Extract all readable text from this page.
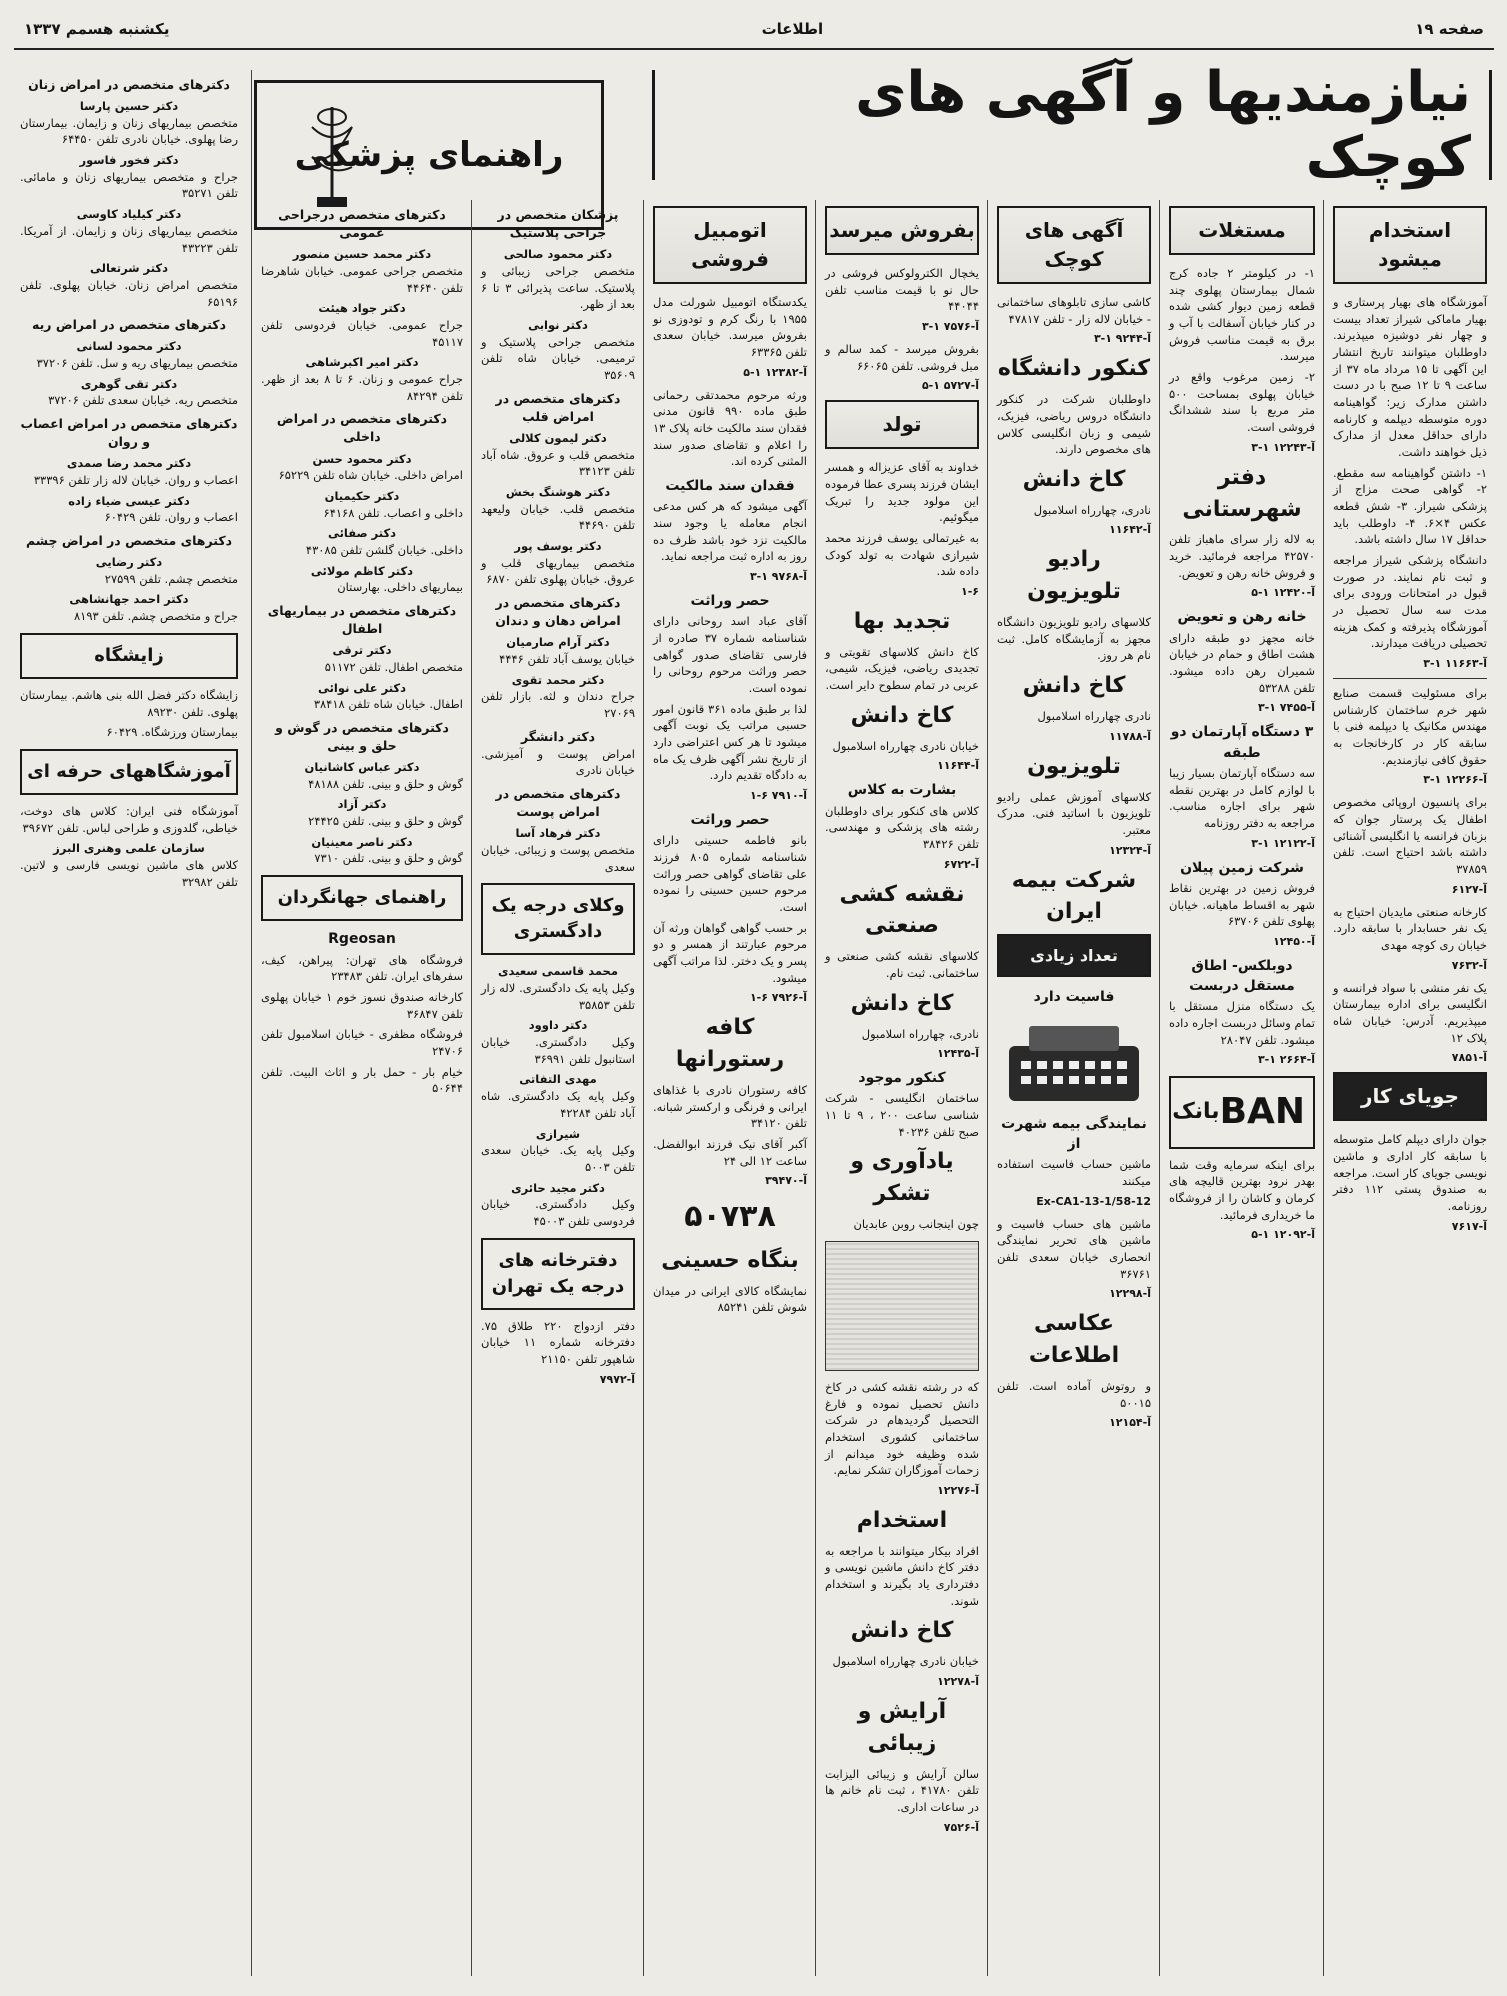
صفحه ۱۹
اطلاعات
یکشنبه هسمم ۱۳۳۷
نیازمندیها و آگهی های کوچک
راهنمای پزشکی
استخدام میشود
آموزشگاه های بهیار پرستاری و بهیار ماماکی شیراز تعداد بیست و چهار نفر دوشیزه میپذیرند. داوطلبان میتوانند تاریخ انتشار این آگهی تا ۱۵ مرداد ماه ۳۷ از ساعت ۹ تا ۱۲ صبح با در دست داشتن مدارک زیر: گواهینامه دوره متوسطه دیپلمه و کارنامه دارای حداقل معدل از مدارک ذیل خواهند داشت.
۱- داشتن گواهینامه سه مقطع. ۲- گواهی صحت مزاج از پزشکی شیراز. ۳- شش قطعه عکس ۴×۶. ۴- داوطلب باید حداقل ۱۷ سال داشته باشد.
دانشگاه پزشکی شیراز مراجعه و ثبت نام نمایند. در صورت قبول در امتحانات ورودی برای مدت سه سال تحصیل در آموزشگاه پذیرفته و کمک هزینه تحصیلی دریافت میدارند.
۳-۱ آ-۱۱۶۶۳
برای مسئولیت قسمت صنایع شهر خرم ساختمان کارشناس مهندس مکانیک یا دیپلمه فنی با سابقه کار در کارخانجات به حقوق کافی نیازمندیم.
۳-۱ آ-۱۲۲۶۶
برای پانسیون اروپائی مخصوص اطفال یک پرستار جوان که بزبان فرانسه یا انگلیسی آشنائی داشته باشد احتیاج است. تلفن ۳۷۸۵۹
آ-۶۱۲۷
کارخانه صنعتی مایدیان احتیاج به یک نفر حسابدار با سابقه دارد. خیابان ری کوچه مهدی
آ-۷۶۳۲
یک نفر منشی با سواد فرانسه و انگلیسی برای اداره بیمارستان میپذیریم. آدرس: خیابان شاه پلاک ۱۲
آ-۷۸۵۱
جویای کار
جوان دارای دیپلم کامل متوسطه با سابقه کار اداری و ماشین نویسی جویای کار است. مراجعه به صندوق پستی ۱۱۲ دفتر روزنامه.
آ-۷۶۱۷
مستغلات
۱- در کیلومتر ۲ جاده کرج شمال بیمارستان پهلوی چند قطعه زمین دیوار کشی شده در کنار خیابان آسفالت با آب و برق به قیمت مناسب فروش میرسد.
۲- زمین مرغوب واقع در خیابان پهلوی بمساحت ۵۰۰ متر مربع با سند ششدانگ فروشی است.
۳-۱ آ-۱۲۲۴۳
دفتر شهرستانی
به لاله زار سرای ماهباز تلفن ۴۲۵۷۰ مراجعه فرمائید. خرید و فروش خانه رهن و تعویض.
۵-۱ آ-۱۲۴۲۰
خانه رهن و تعویض
خانه مجهز دو طبقه دارای هشت اطاق و حمام در خیابان شمیران رهن داده میشود. تلفن ۵۳۲۸۸
۳-۱ آ-۷۴۵۵
۳ دستگاه آپارتمان دو طبقه
سه دستگاه آپارتمان بسیار زیبا با لوازم کامل در بهترین نقطه شهر برای اجاره مناسب. مراجعه به دفتر روزنامه
۳-۱ آ-۱۲۱۲۲
شرکت زمین پیلان
فروش زمین در بهترین نقاط شهر به اقساط ماهیانه. خیابان پهلوی تلفن ۶۳۷۰۶
آ-۱۲۴۵۰
دوبلکس- اطاق مستقل دربست
یک دستگاه منزل مستقل با تمام وسائل دربست اجاره داده میشود. تلفن ۲۸۰۴۷
۳-۱ آ-۲۶۶۴
BAN
بانک
برای اینکه سرمایه وقت شما بهدر نرود بهترین قالیچه های کرمان و کاشان را از فروشگاه ما خریداری فرمائید.
۵-۱ آ-۱۲۰۹۲
آگهی های کوچک
کاشی سازی تابلوهای ساختمانی - خیابان لاله زار - تلفن ۴۷۸۱۷
۳-۱ آ-۹۲۴۴
کنکور دانشگاه
داوطلبان شرکت در کنکور دانشگاه دروس ریاضی، فیزیک، شیمی و زبان انگلیسی کلاس های مخصوص دارند.
کاخ دانش
نادری، چهارراه اسلامبول
آ-۱۱۶۴۲
رادیو تلویزیون
کلاسهای رادیو تلویزیون دانشگاه مجهز به آزمایشگاه کامل. ثبت نام هر روز.
کاخ دانش
نادری چهارراه اسلامبول
آ-۱۱۷۸۸
تلویزیون
کلاسهای آموزش عملی رادیو تلویزیون با اساتید فنی. مدرک معتبر.
آ-۱۲۳۲۴
شرکت بیمه ایران
تعداد زیادی
فاسیت دارد
نمایندگی بیمه شهرت از
ماشین حساب فاسیت استفاده میکنند
Ex-CA1-13-1/58-12
ماشین های حساب فاسیت و ماشین های تحریر نمایندگی انحصاری خیابان سعدی تلفن ۳۶۷۶۱
آ-۱۲۲۹۸
عکاسی اطلاعات
و روتوش آماده است. تلفن ۵۰۰۱۵
آ-۱۲۱۵۴
بفروش میرسد
یخچال الکترولوکس فروشی در حال نو با قیمت مناسب تلفن ۴۴۰۴۴
۳-۱ آ-۷۵۷۶
بفروش میرسد - کمد سالم و مبل فروشی. تلفن ۶۶۰۶۵
۵-۱ آ-۵۷۲۷
تولد
خداوند به آقای عزیزاله و همسر ایشان فرزند پسری عطا فرموده این مولود جدید را تبریک میگوئیم.
به غیرتمالی یوسف فرزند محمد شیرازی شهادت به تولد کودک داده شد.
۱-۶
تجدید بها
کاخ دانش کلاسهای تقویتی و تجدیدی ریاضی، فیزیک، شیمی، عربی در تمام سطوح دایر است.
کاخ دانش
خیابان نادری چهارراه اسلامبول
آ-۱۱۶۴۴
بشارت به کلاس
کلاس های کنکور برای داوطلبان رشته های پزشکی و مهندسی. تلفن ۳۸۴۲۶
آ-۶۷۲۲
نقشه کشی صنعتی
کلاسهای نقشه کشی صنعتی و ساختمانی. ثبت نام.
کاخ دانش
نادری، چهارراه اسلامبول
آ-۱۲۴۳۵
کنکور موجود
ساختمان انگلیسی - شرکت شناسی ساعت ۲۰۰ ، ۹ تا ۱۱ صبح تلفن ۴۰۲۳۶
یادآوری و تشکر
چون اینجانب روبن عابدیان
که در رشته نقشه کشی در کاخ دانش تحصیل نموده و فارغ التحصیل گردیدهام در شرکت ساختمانی کشوری استخدام شده وظیفه خود میدانم از زحمات آموزگاران تشکر نمایم.
آ-۱۲۲۷۶
استخدام
افراد بیکار میتوانند با مراجعه به دفتر کاخ دانش ماشین نویسی و دفترداری یاد بگیرند و استخدام شوند.
کاخ دانش
خیابان نادری چهارراه اسلامبول
آ-۱۲۲۷۸
آرایش و زیبائی
سالن آرایش و زیبائی الیزابت تلفن ۴۱۷۸۰ ، ثبت نام خانم ها در ساعات اداری.
آ-۷۵۲۶
اتومبیل فروشی
یکدستگاه اتومبیل شورلت مدل ۱۹۵۵ با رنگ کرم و تودوزی نو بفروش میرسد. خیابان سعدی تلفن ۶۳۳۶۵
۵-۱ آ-۱۲۳۸۲
ورثه مرحوم محمدتقی رحمانی طبق ماده ۹۹۰ قانون مدنی فقدان سند مالکیت خانه پلاک ۱۳ را اعلام و تقاضای صدور سند المثنی کرده اند.
فقدان سند مالکیت
آگهی میشود که هر کس مدعی انجام معامله یا وجود سند مالکیت نزد خود باشد ظرف ده روز به اداره ثبت مراجعه نماید.
۳-۱ آ-۹۷۶۸
حصر وراثت
آقای عباد اسد روحانی دارای شناسنامه شماره ۳۷ صادره از فارسی تقاضای صدور گواهی حصر وراثت مرحوم روحانی را نموده است.
لذا بر طبق ماده ۳۶۱ قانون امور حسبی مراتب یک نوبت آگهی میشود تا هر کس اعتراضی دارد از تاریخ نشر آگهی ظرف یک ماه به دادگاه تقدیم دارد.
۱-۶ آ-۷۹۱۰
حصر وراثت
بانو فاطمه حسینی دارای شناسنامه شماره ۸۰۵ فرزند علی تقاضای گواهی حصر وراثت مرحوم حسین حسینی را نموده است.
بر حسب گواهی گواهان ورثه آن مرحوم عبارتند از همسر و دو پسر و یک دختر. لذا مراتب آگهی میشود.
۱-۶ آ-۷۹۲۶
کافه رستورانها
کافه رستوران نادری با غذاهای ایرانی و فرنگی و ارکستر شبانه. تلفن ۳۴۱۲۰
آکبر آقای نیک فرزند ابوالفضل. ساعت ۱۲ الی ۲۴
آ-۳۹۴۷۰
۵۰۷۳۸
بنگاه حسینی
نمایشگاه کالای ایرانی در میدان شوش تلفن ۸۵۲۴۱
پزشکان متخصص در جراحی پلاستیک
دکتر محمود صالحی
متخصص جراحی زیبائی و پلاستیک. ساعت پذیرائی ۳ تا ۶ بعد از ظهر.
دکتر نوابی
متخصص جراحی پلاستیک و ترمیمی. خیابان شاه تلفن ۳۵۶۰۹
دکترهای متخصص در امراض قلب
دکتر لیمون کلالی
متخصص قلب و عروق. شاه آباد تلفن ۳۴۱۲۳
دکتر هوشنگ بخش
متخصص قلب. خیابان ولیعهد تلفن ۴۴۶۹۰
دکتر یوسف پور
متخصص بیماریهای قلب و عروق. خیابان پهلوی تلفن ۶۸۷۰
دکترهای متخصص در امراض دهان و دندان
دکتر آرام صارمیان
خیابان یوسف آباد تلفن ۴۴۴۶
دکتر محمد تقوی
جراح دندان و لثه. بازار تلفن ۲۷۰۶۹
دکتر دانشگر
امراض پوست و آمیزشی. خیابان نادری
دکترهای متخصص در امراض پوست
دکتر فرهاد آسا
متخصص پوست و زیبائی. خیابان سعدی
وکلای درجه یک دادگستری
محمد قاسمی سعیدی
وکیل پایه یک دادگستری. لاله زار تلفن ۳۵۸۵۳
دکتر داوود
وکیل دادگستری. خیابان استانبول تلفن ۳۶۹۹۱
مهدی التفاتی
وکیل پایه یک دادگستری. شاه آباد تلفن ۴۲۲۸۴
شیرازی
وکیل پایه یک. خیابان سعدی تلفن ۵۰۰۳
دکتر مجید حائری
وکیل دادگستری. خیابان فردوسی تلفن ۴۵۰۰۳
دفترخانه های درجه یک تهران
دفتر ازدواج ۲۲۰ طلاق ۷۵. دفترخانه شماره ۱۱ خیابان شاهپور تلفن ۲۱۱۵۰
آ-۷۹۷۲
دکترهای متخصص درجراحی عمومی
دکتر محمد حسین منصور
متخصص جراحی عمومی. خیابان شاهرضا تلفن ۴۴۶۴۰
دکتر جواد هیئت
جراح عمومی. خیابان فردوسی تلفن ۴۵۱۱۷
دکتر امیر اکبرشاهی
جراح عمومی و زنان. ۶ تا ۸ بعد از ظهر. تلفن ۸۴۲۹۴
دکترهای متخصص در امراض داخلی
دکتر محمود حسن
امراض داخلی. خیابان شاه تلفن ۶۵۲۲۹
دکتر حکیمیان
داخلی و اعصاب. تلفن ۶۴۱۶۸
دکتر صفائی
داخلی. خیابان گلشن تلفن ۴۳۰۸۵
دکتر کاظم مولائی
بیماریهای داخلی. بهارستان
دکترهای متخصص در بیماریهای اطفال
دکتر ترقی
متخصص اطفال. تلفن ۵۱۱۷۲
دکتر علی نوائی
اطفال. خیابان شاه تلفن ۳۸۴۱۸
دکترهای متخصص در گوش و حلق و بینی
دکتر عباس کاشانیان
گوش و حلق و بینی. تلفن ۴۸۱۸۸
دکتر آزاد
گوش و حلق و بینی. تلفن ۲۴۴۲۵
دکتر ناصر معینیان
گوش و حلق و بینی. تلفن ۷۳۱۰
راهنمای جهانگردان
Rgeosan
فروشگاه های تهران: پیراهن، کیف، سفرهای ایران. تلفن ۲۳۴۸۳
کارخانه صندوق نسوز خوم ۱ خیابان پهلوی تلفن ۳۶۸۴۷
فروشگاه مظفری - خیابان اسلامبول تلفن ۲۴۷۰۶
خیام بار - حمل بار و اثاث البیت. تلفن ۵۰۶۴۴
دکترهای متخصص در امراض زنان
دکتر حسین پارسا
متخصص بیماریهای زنان و زایمان. بیمارستان رضا پهلوی. خیابان نادری تلفن ۶۴۴۵۰
دکتر فخور فاسور
جراح و متخصص بیماریهای زنان و مامائی. تلفن ۳۵۲۷۱
دکتر کیلیاد کاوسی
متخصص بیماریهای زنان و زایمان. از آمریکا. تلفن ۴۳۲۲۳
دکتر شرتعالی
متخصص امراض زنان. خیابان پهلوی. تلفن ۶۵۱۹۶
دکترهای متخصص در امراض ریه
دکتر محمود لسانی
متخصص بیماریهای ریه و سل. تلفن ۳۷۲۰۶
دکتر تقی گوهری
متخصص ریه. خیابان سعدی تلفن ۳۷۲۰۶
دکترهای متخصص در امراض اعصاب و روان
دکتر محمد رضا صمدی
اعصاب و روان. خیابان لاله زار تلفن ۳۳۳۹۶
دکتر عیسی ضیاء زاده
اعصاب و روان. تلفن ۶۰۴۲۹
دکترهای متخصص در امراض چشم
دکتر رضایی
متخصص چشم. تلفن ۲۷۵۹۹
دکتر احمد جهانشاهی
جراح و متخصص چشم. تلفن ۸۱۹۳
زایشگاه
زایشگاه دکتر فضل الله بنی هاشم. بیمارستان پهلوی. تلفن ۸۹۲۳۰
بیمارستان ورزشگاه. ۶۰۴۲۹
آموزشگاههای حرفه ای
آموزشگاه فنی ایران: کلاس های دوخت، خیاطی، گلدوزی و طراحی لباس. تلفن ۳۹۶۷۲
سازمان علمی وهنری البرز
کلاس های ماشین نویسی فارسی و لاتین. تلفن ۳۲۹۸۲
